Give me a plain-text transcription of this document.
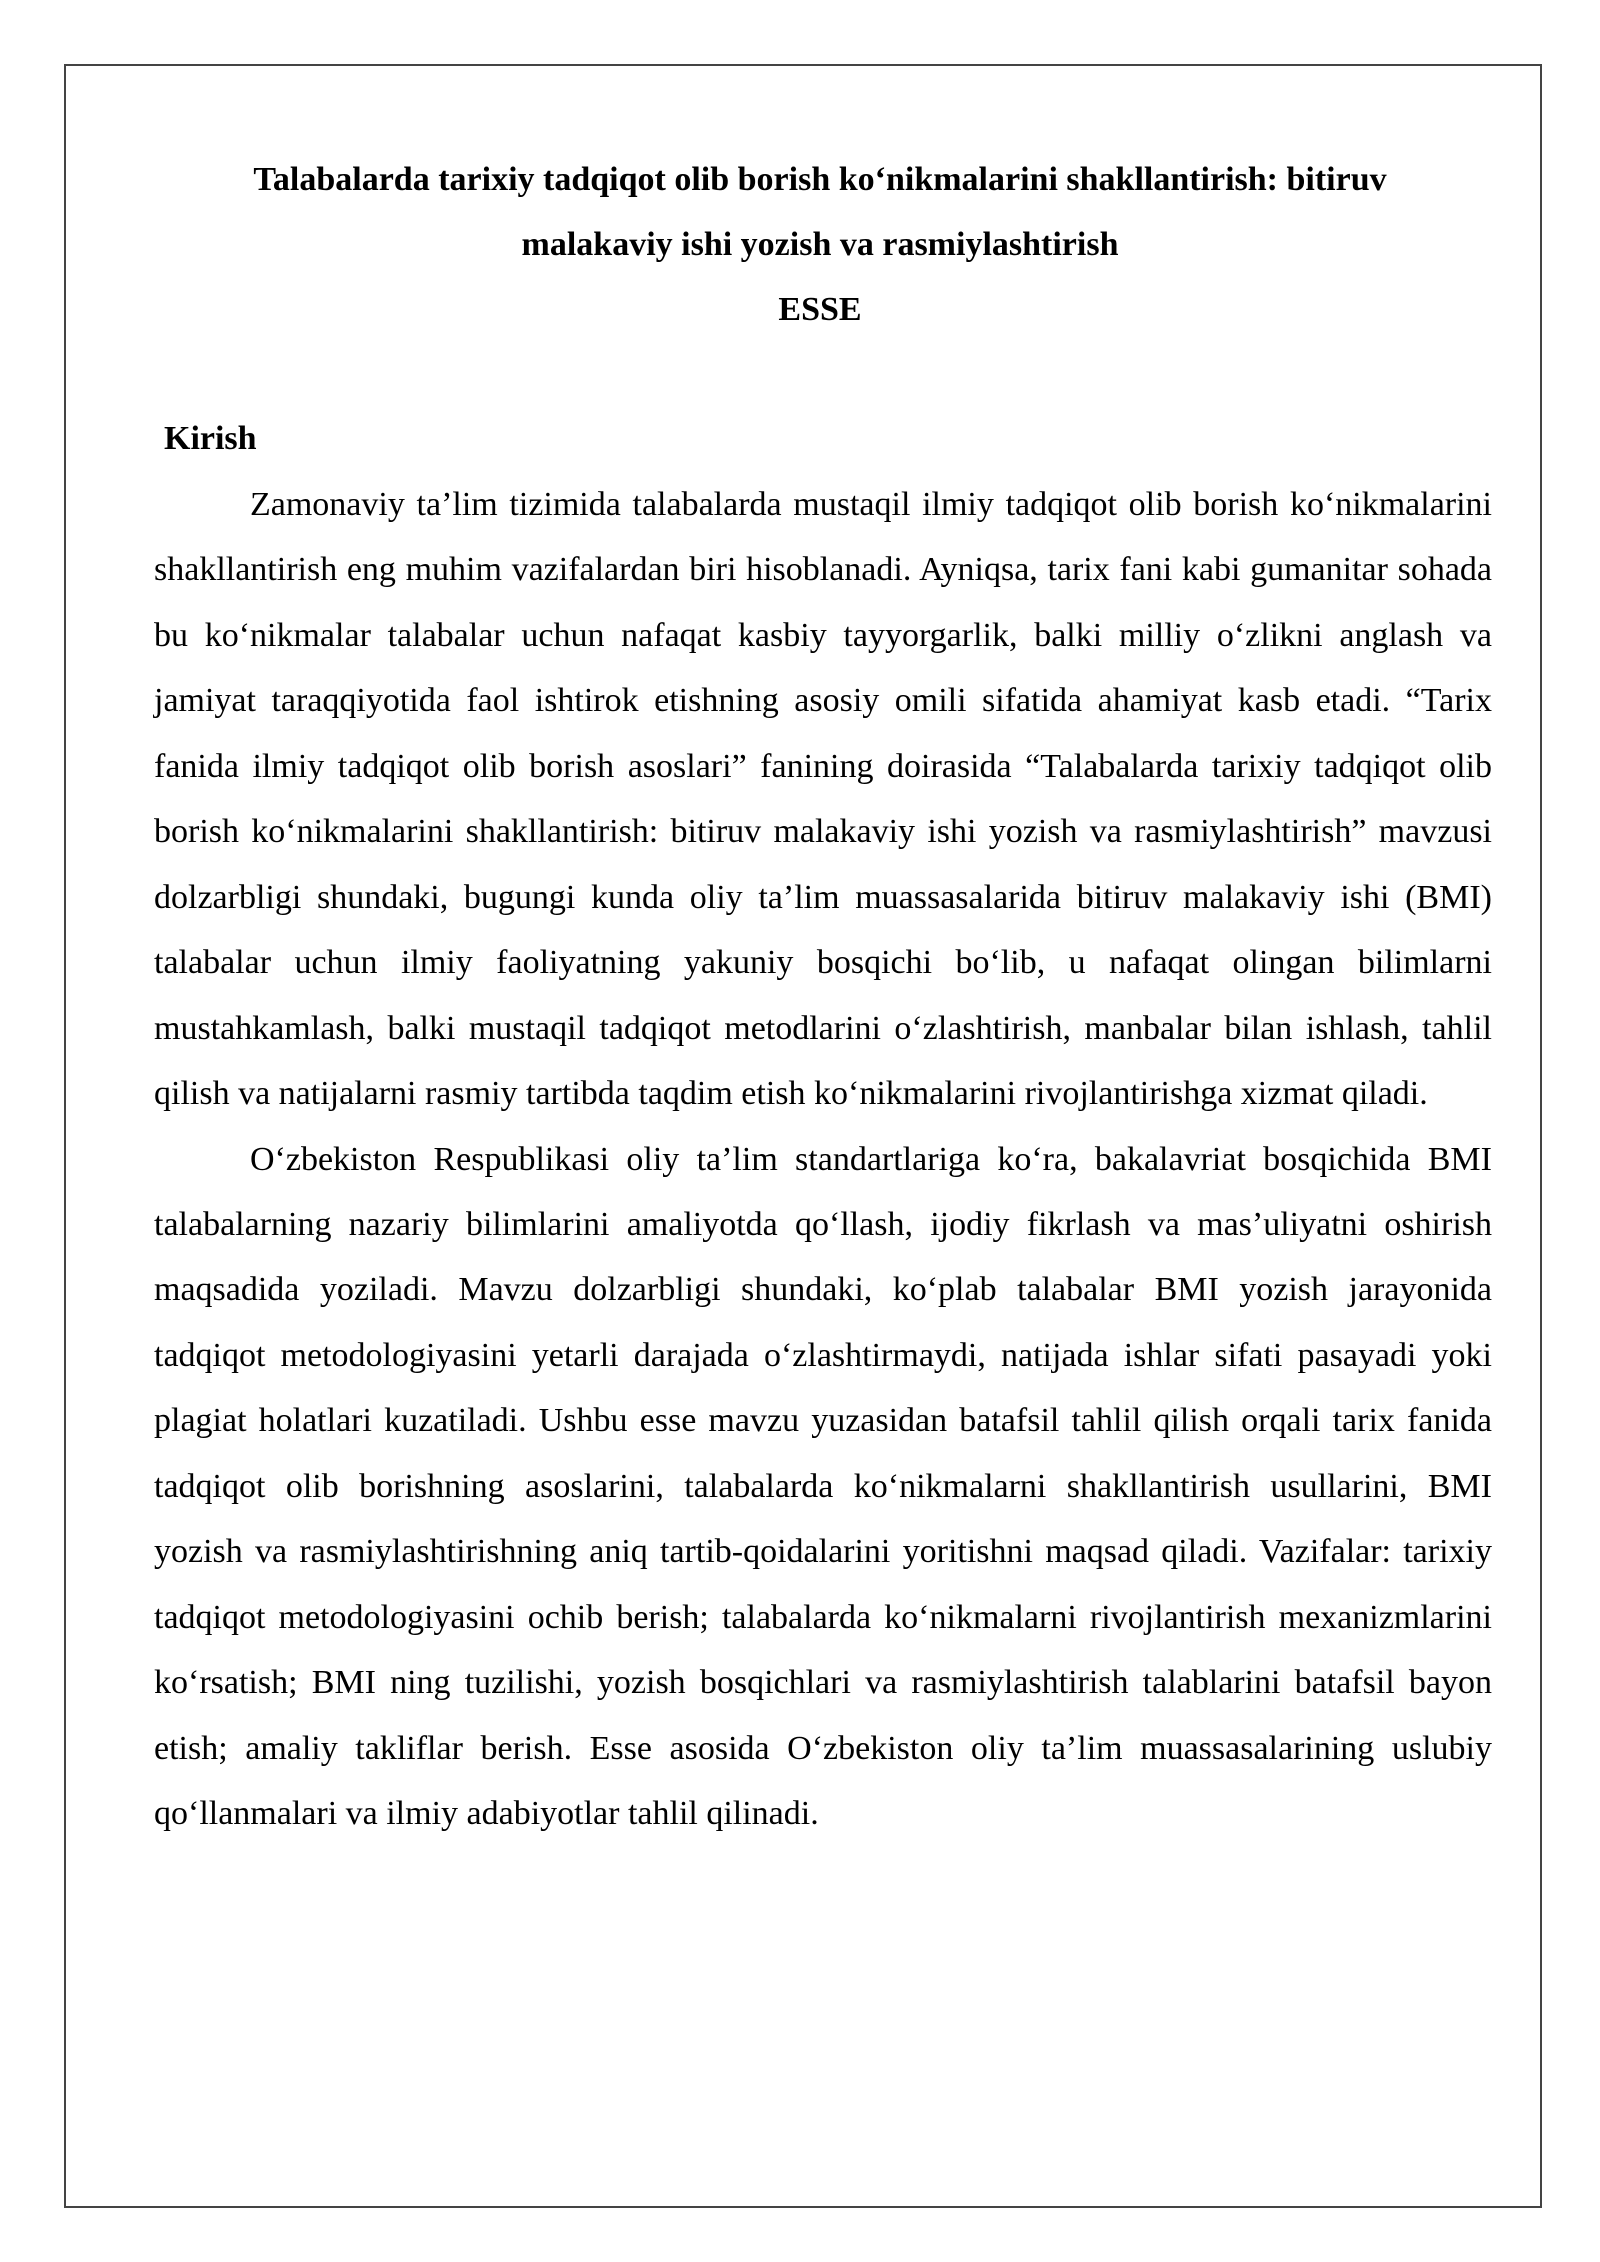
Talabalarda tarixiy tadqiqot olib borish ko‘nikmalarini shakllantirish: bitiruv
malakaviy ishi yozish va rasmiylashtirish
ESSE
Kirish

Zamonaviy ta’lim tizimida talabalarda mustaqil ilmiy tadqiqot olib borish ko‘nikmalarini shakllantirish eng muhim vazifalardan biri hisoblanadi. Ayniqsa, tarix fani kabi gumanitar sohada bu ko‘nikmalar talabalar uchun nafaqat kasbiy tayyorgarlik, balki milliy o‘zlikni anglash va jamiyat taraqqiyotida faol ishtirok etishning asosiy omili sifatida ahamiyat kasb etadi. “Tarix fanida ilmiy tadqiqot olib borish asoslari” fanining doirasida “Talabalarda tarixiy tadqiqot olib borish ko‘nikmalarini shakllantirish: bitiruv malakaviy ishi yozish va rasmiylashtirish” mavzusi dolzarbligi shundaki, bugungi kunda oliy ta’lim muassasalarida bitiruv malakaviy ishi (BMI) talabalar uchun ilmiy faoliyatning yakuniy bosqichi bo‘lib, u nafaqat olingan bilimlarni mustahkamlash, balki mustaqil tadqiqot metodlarini o‘zlashtirish, manbalar bilan ishlash, tahlil qilish va natijalarni rasmiy tartibda taqdim etish ko‘nikmalarini rivojlantirishga xizmat qiladi.

O‘zbekiston Respublikasi oliy ta’lim standartlariga ko‘ra, bakalavriat bosqichida BMI talabalarning nazariy bilimlarini amaliyotda qo‘llash, ijodiy fikrlash va mas’uliyatni oshirish maqsadida yoziladi. Mavzu dolzarbligi shundaki, ko‘plab talabalar BMI yozish jarayonida tadqiqot metodologiyasini yetarli darajada o‘zlashtirmaydi, natijada ishlar sifati pasayadi yoki plagiat holatlari kuzatiladi. Ushbu esse mavzu yuzasidan batafsil tahlil qilish orqali tarix fanida tadqiqot olib borishning asoslarini, talabalarda ko‘nikmalarni shakllantirish usullarini, BMI yozish va rasmiylashtirishning aniq tartib-qoidalarini yoritishni maqsad qiladi. Vazifalar: tarixiy tadqiqot metodologiyasini ochib berish; talabalarda ko‘nikmalarni rivojlantirish mexanizmlarini ko‘rsatish; BMI ning tuzilishi, yozish bosqichlari va rasmiylashtirish talablarini batafsil bayon etish; amaliy takliflar berish. Esse asosida O‘zbekiston oliy ta’lim muassasalarining uslubiy qo‘llanmalari va ilmiy adabiyotlar tahlil qilinadi.
